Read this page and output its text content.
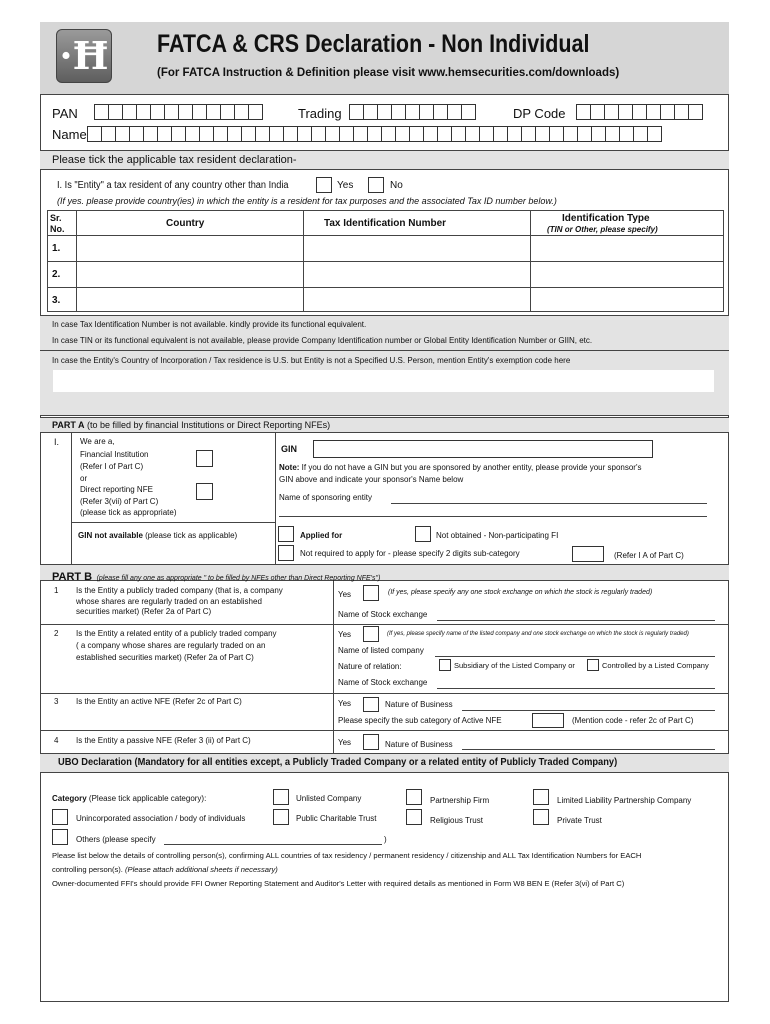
·Ħ FATCA & CRS Declaration - Non Individual
(For FATCA Instruction & Definition please visit www.hemsecurities.com/downloads)
PAN	Trading	DP Code
Name
Please tick the applicable tax resident declaration-
I. Is "Entity" a tax resident of any country other than India	Yes	No
(If yes. please provide country(ies) in which the entity is a resident for tax purposes and the associated Tax ID number below.)
Sr.
No.	Country	Tax Identification Number	Identification Type
(TIN or Other, please specify)
1.
2.
3.
In case Tax Identification Number is not available. kindly provide its functional equivalent.
In case TIN or its functional equivalent is not available, please provide Company Identification number or Global Entity Identification Number or GIIN, etc.
In case the Entity's Country of Incorporation / Tax residence is U.S. but Entity is not a Specified U.S. Person, mention Entity's exemption code here
PART A (to be filled by financial Institutions or Direct Reporting NFEs)
I.	We are a,
Financial Institution
(Refer I of Part C)
or
Direct reporting NFE
(Refer 3(vii) of Part C)
(please tick as appropriate)
GIN
Note: If you do not have a GIN but you are sponsored by another entity, please provide your sponsor's
GIN above and indicate your sponsor's Name below
Name of sponsoring entity
GIN not available (please tick as applicable)	Applied for	Not obtained - Non-participating FI
Not required to apply for - please specify 2 digits sub-category	(Refer I A of Part C)
PART B (please fill any one as appropriate " to be filled by NFEs other than Direct Reporting NFE's")
1 Is the Entity a publicly traded company (that is, a company
whose shares are regularly traded on an established
securities market) (Refer 2a of Part C)
Yes	(If yes, please specify any one stock exchange on which the stock is regularly traded)
Name of Stock exchange
2 Is the Entity a related entity of a publicly traded company
( a company whose shares are regularly traded on an
established securities market) (Refer 2a of Part C)
Yes	(If yes, please specify name of the listed company and one stock exchange on which the stock is regularly traded)
Name of listed company
Nature of relation:	Subsidiary of the Listed Company or	Controlled by a Listed Company
Name of Stock exchange
3 Is the Entity an active NFE (Refer 2c of Part C)	Yes	Nature of Business
Please specify the sub category of Active NFE	(Mention code - refer 2c of Part C)
4 Is the Entity a passive NFE (Refer 3 (ii) of Part C)	Yes	Nature of Business
UBO Declaration (Mandatory for all entities except, a Publicly Traded Company or a related entity of Publicly Traded Company)
Category (Please tick applicable category):	Unlisted Company	Partnership Firm	Limited Liability Partnership Company
Unincorporated association / body of individuals	Public Charitable Trust	Religious Trust	Private Trust
Others (please specify	)
Please list below the details of controlling person(s), confirming ALL countries of tax residency / permanent residency / citizenship and ALL Tax Identification Numbers for EACH
controlling person(s). (Please attach additional sheets if necessary)
Owner-documented FFI's should provide FFI Owner Reporting Statement and Auditor's Letter with required details as mentioned in Form W8 BEN E (Refer 3(vi) of Part C)
